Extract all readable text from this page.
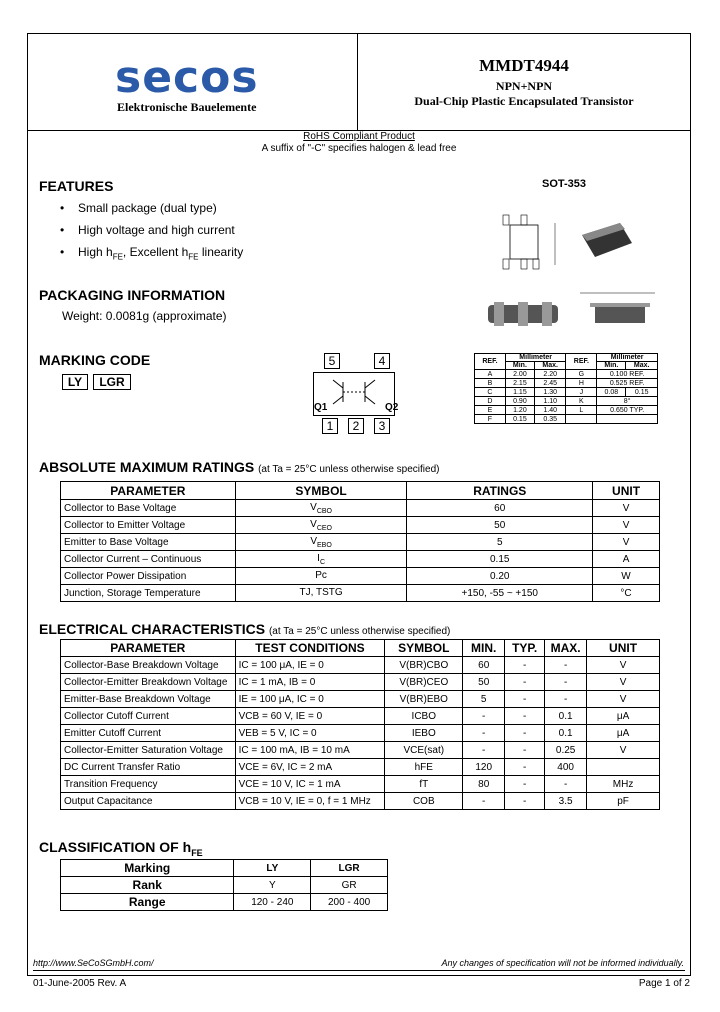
secos
Elektronische Bauelemente
MMDT4944
NPN+NPN
Dual-Chip Plastic Encapsulated Transistor
RoHS Compliant Product
A suffix of "-C" specifies halogen & lead free
FEATURES
• Small package (dual type)
• High voltage and high current
• High $h_{FE}$, Excellent $h_{FE}$ linearity
SOT-353
PACKAGING INFORMATION
Weight: 0.0081g (approximate)
MARKING CODE
LY	LGR
5	4
1	2	3
Q1	Q2
REF.	Millimeter		REF.	Millimeter	
	Min.	Max.		Min.	Max.
A	2.00	2.20	G	0.100 REF.	
B	2.15	2.45	H	0.525 REF.	
C	1.15	1.30	J	0.08	0.15
D	0.90	1.10	K	8°	
E	1.20	1.40	L	0.650 TYP.	
F	0.15	0.35			
ABSOLUTE MAXIMUM RATINGS (at Ta = 25°C unless otherwise specified)
PARAMETER	SYMBOL	RATINGS	UNIT
Collector to Base Voltage	$V_{CBO}$	60	V
Collector to Emitter Voltage	$V_{CEO}$	50	V
Emitter to Base Voltage	$V_{EBO}$	5	V
Collector Current – Continuous	$I_C$	0.15	A
Collector Power Dissipation	Pc	0.20	W
Junction, Storage Temperature	TJ, TSTG	+150, -55 ~ +150	°C
ELECTRICAL CHARACTERISTICS (at Ta = 25°C unless otherwise specified)
PARAMETER	TEST CONDITIONS	SYMBOL	MIN.	TYP.	MAX.	UNIT
Collector-Base Breakdown Voltage	IC = 100 μA, IE = 0	V(BR)CBO	60	-	-	V
Collector-Emitter Breakdown Voltage	IC = 1 mA, IB = 0	V(BR)CEO	50	-	-	V
Emitter-Base Breakdown Voltage	IE = 100 μA, IC = 0	V(BR)EBO	5	-	-	V
Collector Cutoff Current	VCB = 60 V, IE = 0	ICBO	-	-	0.1	μA
Emitter Cutoff Current	VEB = 5 V, IC = 0	IEBO	-	-	0.1	μA
Collector-Emitter Saturation Voltage	IC = 100 mA, IB = 10 mA	VCE(sat)	-	-	0.25	V
DC Current Transfer Ratio	VCE = 6V, IC = 2 mA	hFE	120	-	400	
Transition Frequency	VCE = 10 V, IC = 1 mA	fT	80	-	-	MHz
Output Capacitance	VCB = 10 V, IE = 0, f = 1 MHz	COB	-	-	3.5	pF
CLASSIFICATION OF $h_{FE}$
Marking	LY	LGR
Rank	Y	GR
Range	120 - 240	200 - 400
http://www.SeCoSGmbH.com/	Any changes of specification will not be informed individually.
01-June-2005 Rev. A	Page 1 of 2
